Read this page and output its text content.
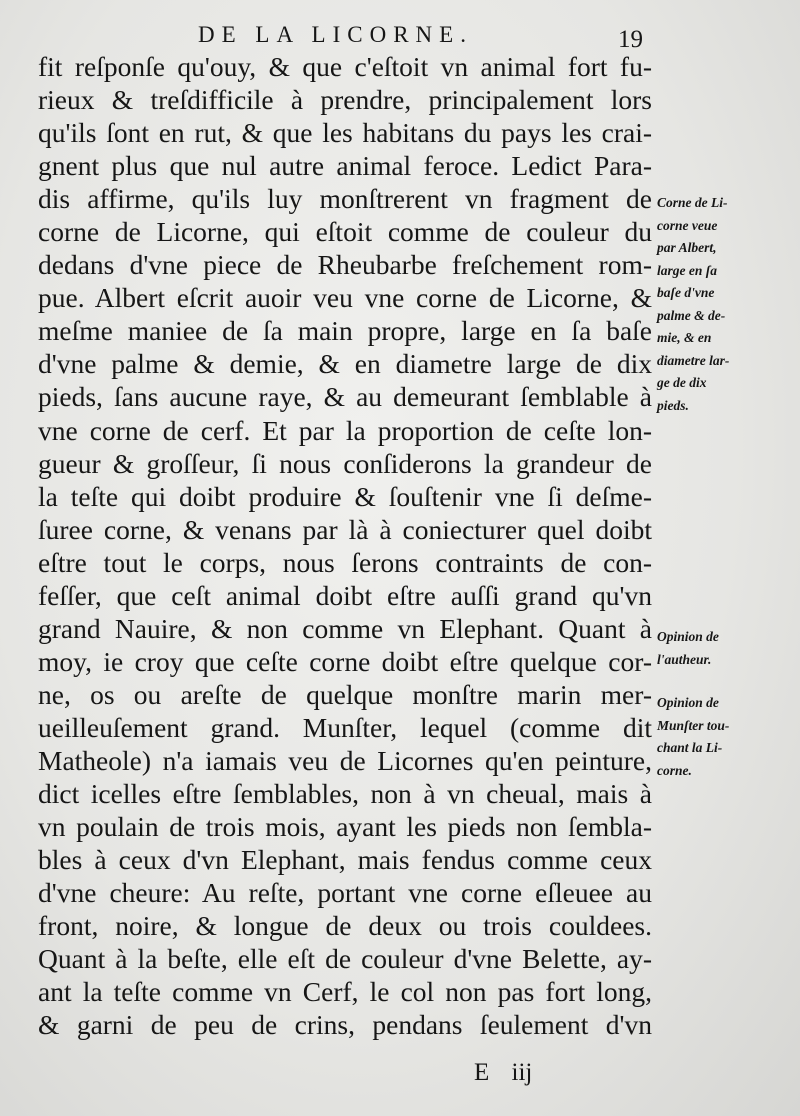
DE LA LICORNE.	19

fit reſponſe qu'ouy, & que c'eſtoit vn animal fort fu-
rieux & treſdifficile à prendre, principalement lors
qu'ils ſont en rut, & que les habitans du pays les crai-
gnent plus que nul autre animal feroce. Ledict Para-
dis affirme, qu'ils luy monſtrerent vn fragment de
corne de Licorne, qui eſtoit comme de couleur du
dedans d'vne piece de Rheubarbe freſchement rom-
pue. Albert eſcrit auoir veu vne corne de Licorne, &
meſme maniee de ſa main propre, large en ſa baſe
d'vne palme & demie, & en diametre large de dix
pieds, ſans aucune raye, & au demeurant ſemblable à
vne corne de cerf. Et par la proportion de ceſte lon-
gueur & groſſeur, ſi nous conſiderons la grandeur de
la teſte qui doibt produire & ſouſtenir vne ſi deſme-
ſuree corne, & venans par là à coniecturer quel doibt
eſtre tout le corps, nous ſerons contraints de con-
feſſer, que ceſt animal doibt eſtre auſſi grand qu'vn
grand Nauire, & non comme vn Elephant. Quant à
moy, ie croy que ceſte corne doibt eſtre quelque cor-
ne, os ou areſte de quelque monſtre marin mer-
ueilleuſement grand. Munſter, lequel (comme dit
Matheole) n'a iamais veu de Licornes qu'en peinture,
dict icelles eſtre ſemblables, non à vn cheual, mais à
vn poulain de trois mois, ayant les pieds non ſembla-
bles à ceux d'vn Elephant, mais fendus comme ceux
d'vne cheure: Au reſte, portant vne corne eſleuee au
front, noire, & longue de deux ou trois couldees.
Quant à la beſte, elle eſt de couleur d'vne Belette, ay-
ant la teſte comme vn Cerf, le col non pas fort long,
& garni de peu de crins, pendans ſeulement d'vn
Corne de Li-
corne veue
par Albert,
large en ſa
baſe d'vne
palme & de-
mie, & en
diametre lar-
ge de dix
pieds.
Opinion de
l'autheur.
Opinion de
Munſter tou-
chant la Li-
corne.
E iij
